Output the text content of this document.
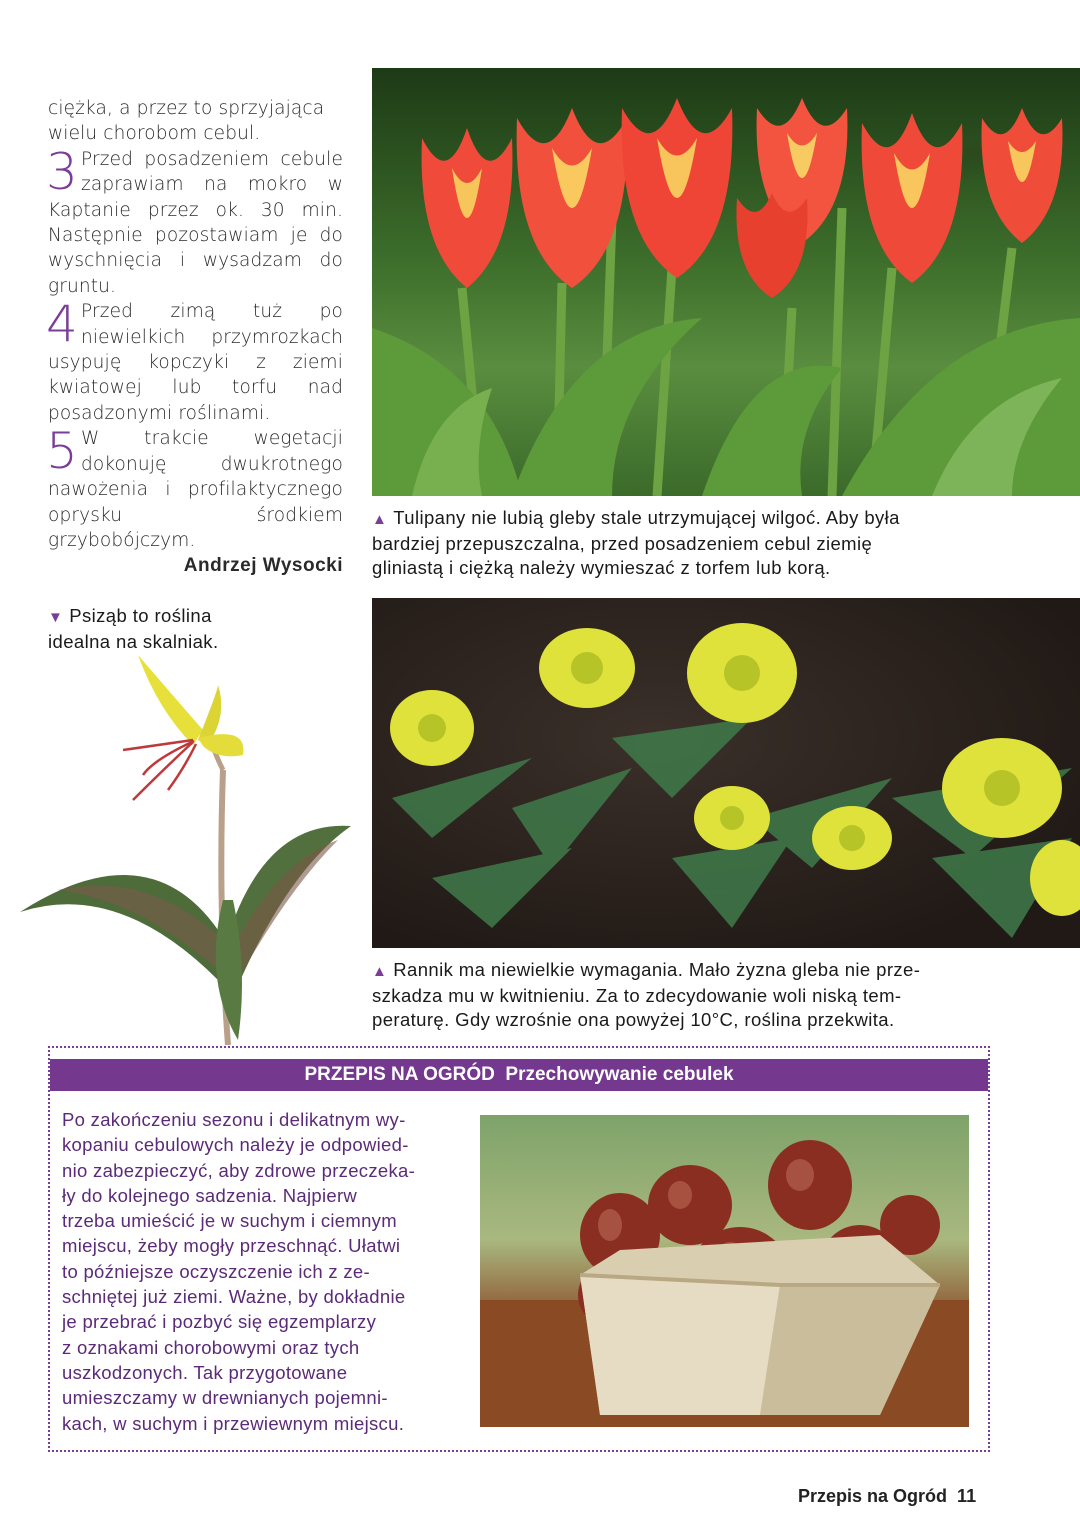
ciężka, a przez to sprzyjająca

wielu chorobom cebul.

3 Przed posadzeniem cebule zaprawiam na mokro w Kaptanie przez ok. 30 min. Następnie pozostawiam je do wyschnięcia i wysadzam do gruntu.
4 Przed zimą tuż po niewielkich przymrozkach usypuję kopczyki z ziemi kwiatowej lub torfu nad posadzonymi roślinami.
5 W trakcie wegetacji dokonuję dwukrotnego nawożenia i profilaktycznego oprysku środkiem grzybobójczym.
Andrzej Wysocki
▲ Tulipany nie lubią gleby stale utrzymującej wilgoć. Aby była
bardziej przepuszczalna, przed posadzeniem cebul ziemię
gliniastą i ciężką należy wymieszać z torfem lub korą.
▼ Psiząb to roślina
idealna na skalniak.
▲ Rannik ma niewielkie wymagania. Mało żyzna gleba nie prze-
szkadza mu w kwitnieniu. Za to zdecydowanie woli niską tem-
peraturę. Gdy wzrośnie ona powyżej 10°C, roślina przekwita.
PRZEPIS NA OGRÓD Przechowywanie cebulek
Po zakończeniu sezonu i delikatnym wy-
kopaniu cebulowych należy je odpowied-
nio zabezpieczyć, aby zdrowe przeczeka-
ły do kolejnego sadzenia. Najpierw
trzeba umieścić je w suchym i ciemnym
miejscu, żeby mogły przeschnąć. Ułatwi
to późniejsze oczyszczenie ich z ze-
schniętej już ziemi. Ważne, by dokładnie
je przebrać i pozbyć się egzemplarzy
z oznakami chorobowymi oraz tych
uszkodzonych. Tak przygotowane
umieszczamy w drewnianych pojemni-
kach, w suchym i przewiewnym miejscu.
Przepis na Ogród 11
